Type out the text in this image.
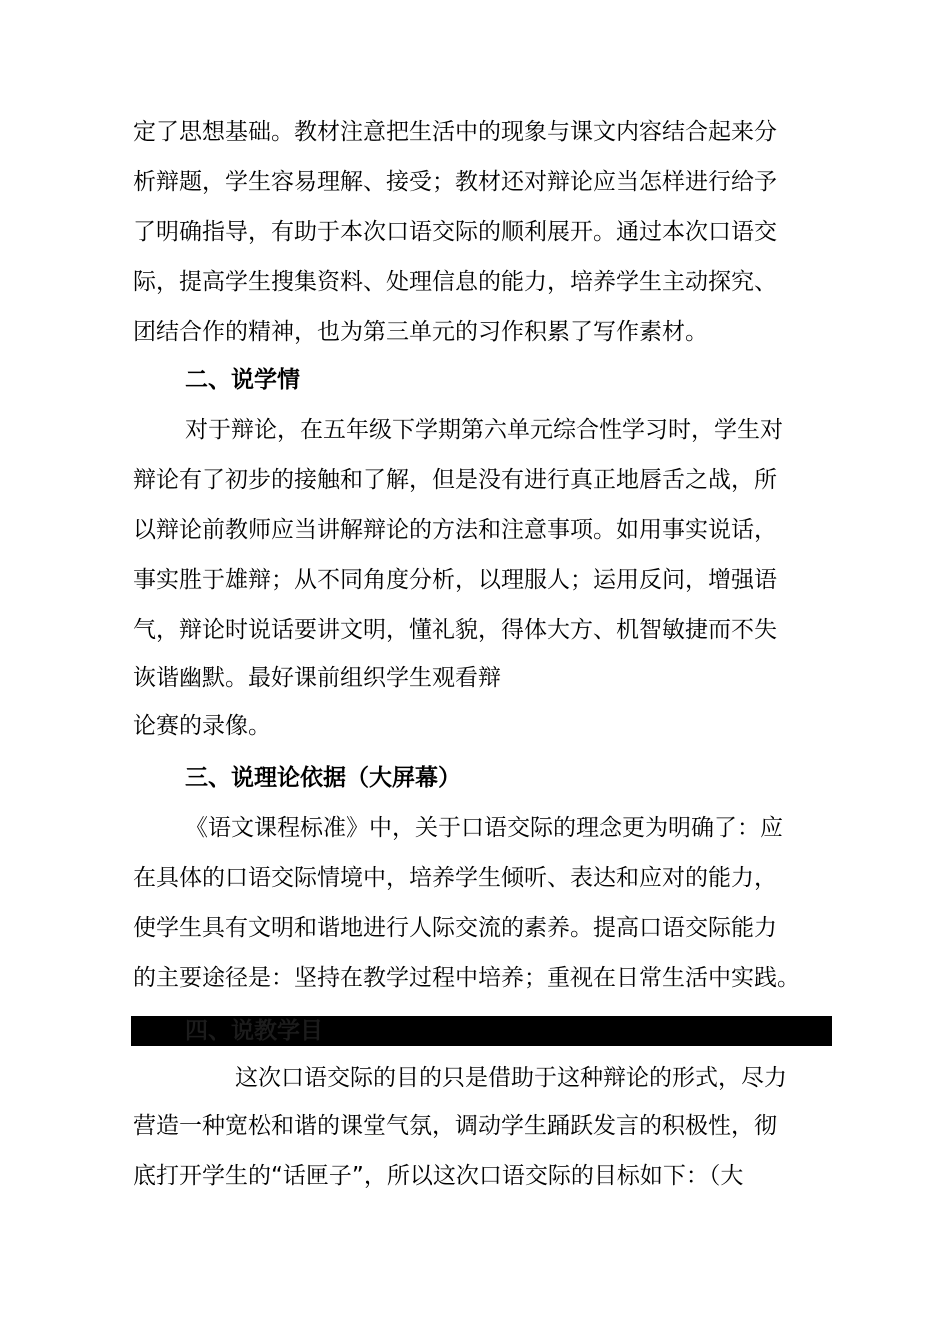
定了思想基础。教材注意把生活中的现象与课文内容结合起来分
析辩题，学生容易理解、接受；教材还对辩论应当怎样进行给予
了明确指导，有助于本次口语交际的顺利展开。通过本次口语交
际，提高学生搜集资料、处理信息的能力，培养学生主动探究、
团结合作的精神，也为第三单元的习作积累了写作素材。
二、说学情
对于辩论，在五年级下学期第六单元综合性学习时，学生对
辩论有了初步的接触和了解，但是没有进行真正地唇舌之战，所
以辩论前教师应当讲解辩论的方法和注意事项。如用事实说话，
事实胜于雄辩；从不同角度分析，以理服人；运用反问，增强语
气，辩论时说话要讲文明，懂礼貌，得体大方、机智敏捷而不失
诙谐幽默。最好课前组织学生观看辩
论赛的录像。
三、说理论依据（大屏幕）
《语文课程标准》中，关于口语交际的理念更为明确了：应
在具体的口语交际情境中，培养学生倾听、表达和应对的能力，
使学生具有文明和谐地进行人际交流的素养。提高口语交际能力
的主要途径是：坚持在教学过程中培养；重视在日常生活中实践。
四、说教学目
这次口语交际的目的只是借助于这种辩论的形式，尽力
营造一种宽松和谐的课堂气氛，调动学生踊跃发言的积极性，彻
底打开学生的“话匣子”，所以这次口语交际的目标如下：（大
